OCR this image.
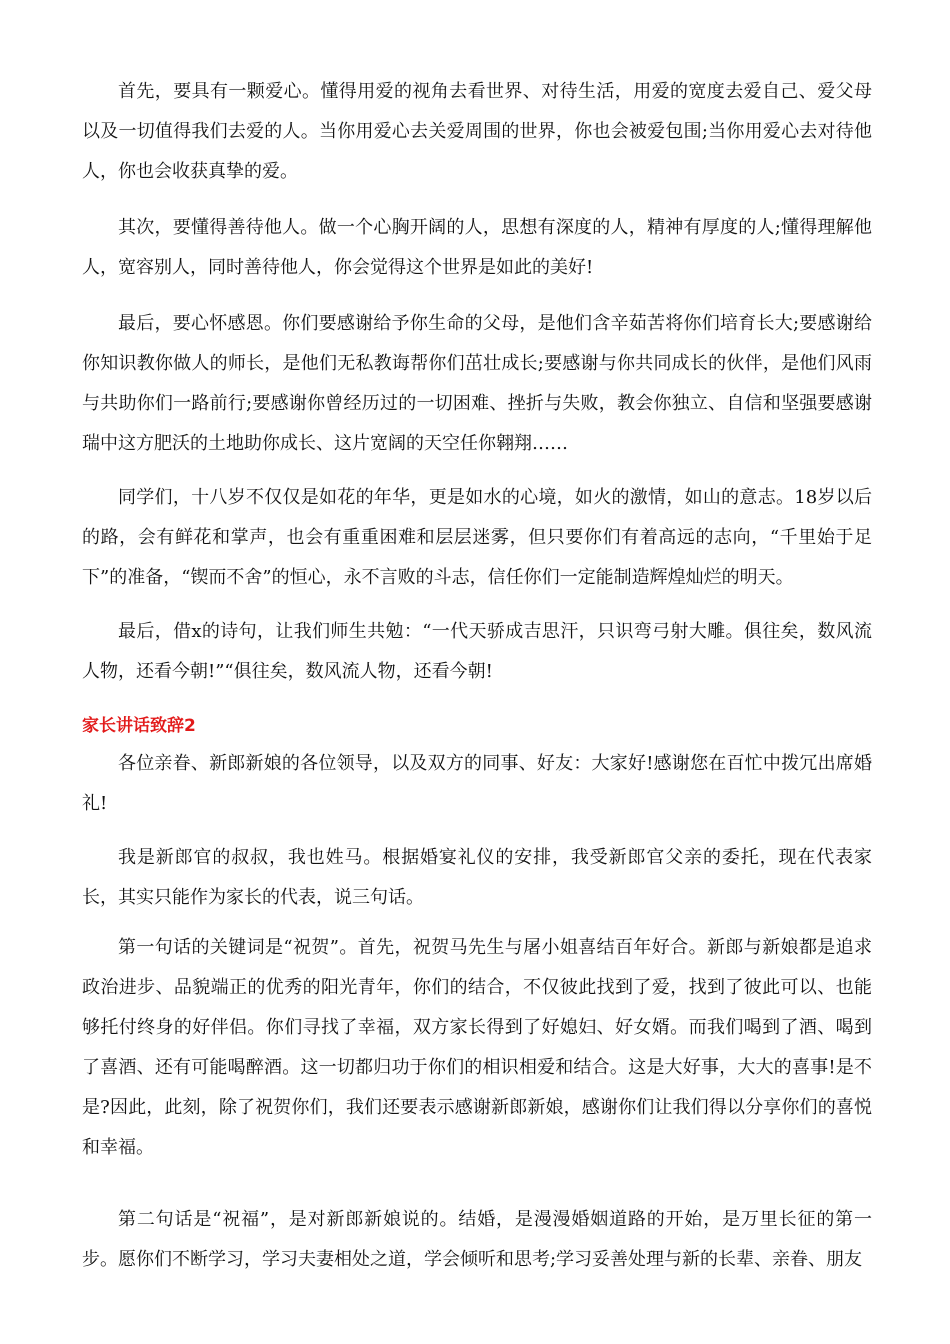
首先，要具有一颗爱心。懂得用爱的视角去看世界、对待生活，用爱的宽度去爱自己、爱父母以及一切值得我们去爱的人。当你用爱心去关爱周围的世界，你也会被爱包围;当你用爱心去对待他人，你也会收获真挚的爱。

其次，要懂得善待他人。做一个心胸开阔的人，思想有深度的人，精神有厚度的人;懂得理解他人，宽容别人，同时善待他人，你会觉得这个世界是如此的美好!

最后，要心怀感恩。你们要感谢给予你生命的父母，是他们含辛茹苦将你们培育长大;要感谢给你知识教你做人的师长，是他们无私教诲帮你们茁壮成长;要感谢与你共同成长的伙伴，是他们风雨与共助你们一路前行;要感谢你曾经历过的一切困难、挫折与失败，教会你独立、自信和坚强要感谢瑞中这方肥沃的土地助你成长、这片宽阔的天空任你翱翔……

同学们，十八岁不仅仅是如花的年华，更是如水的心境，如火的激情，如山的意志。18岁以后的路，会有鲜花和掌声，也会有重重困难和层层迷雾，但只要你们有着高远的志向，“千里始于足下”的准备，“锲而不舍”的恒心，永不言败的斗志，信任你们一定能制造辉煌灿烂的明天。

最后，借x的诗句，让我们师生共勉：“一代天骄成吉思汗，只识弯弓射大雕。俱往矣，数风流人物，还看今朝!”“俱往矣，数风流人物，还看今朝!

家长讲话致辞2

各位亲眷、新郎新娘的各位领导，以及双方的同事、好友：大家好!感谢您在百忙中拨冗出席婚礼!

我是新郎官的叔叔，我也姓马。根据婚宴礼仪的安排，我受新郎官父亲的委托，现在代表家长，其实只能作为家长的代表，说三句话。

第一句话的关键词是“祝贺”。首先，祝贺马先生与屠小姐喜结百年好合。新郎与新娘都是追求政治进步、品貌端正的优秀的阳光青年，你们的结合，不仅彼此找到了爱，找到了彼此可以、也能够托付终身的好伴侣。你们寻找了幸福，双方家长得到了好媳妇、好女婿。而我们喝到了酒、喝到了喜酒、还有可能喝醉酒。这一切都归功于你们的相识相爱和结合。这是大好事，大大的喜事!是不是?因此，此刻，除了祝贺你们，我们还要表示感谢新郎新娘，感谢你们让我们得以分享你们的喜悦和幸福。

第二句话是“祝福”，是对新郎新娘说的。结婚，是漫漫婚姻道路的开始，是万里长征的第一步。愿你们不断学习，学习夫妻相处之道，学会倾听和思考;学习妥善处理与新的长辈、亲眷、朋友
